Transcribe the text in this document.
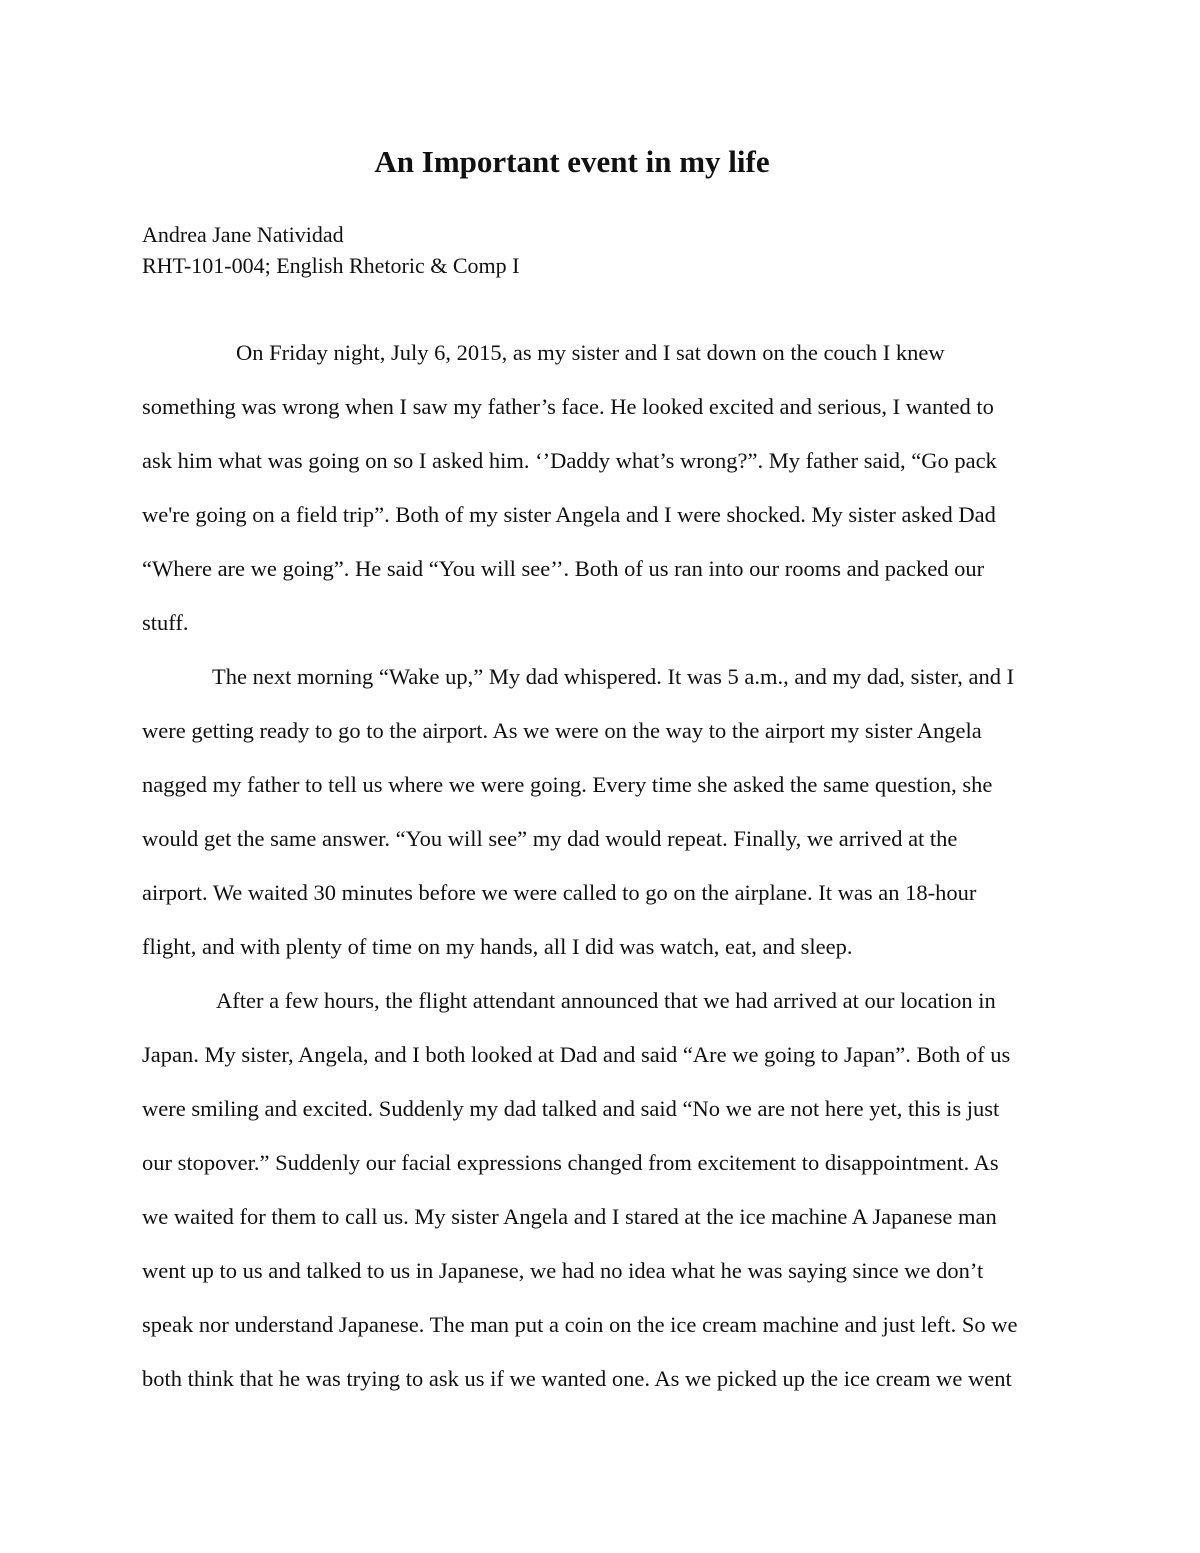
An Important event in my life

Andrea Jane Natividad

RHT-101-004; English Rhetoric & Comp I

On Friday night, July 6, 2015, as my sister and I sat down on the couch I knew

something was wrong when I saw my father’s face. He looked excited and serious, I wanted to

ask him what was going on so I asked him. ‘’Daddy what’s wrong?”. My father said, “Go pack

we're going on a field trip”. Both of my sister Angela and I were shocked. My sister asked Dad

“Where are we going”. He said “You will see’’. Both of us ran into our rooms and packed our

stuff.

The next morning “Wake up,” My dad whispered. It was 5 a.m., and my dad, sister, and I

were getting ready to go to the airport. As we were on the way to the airport my sister Angela

nagged my father to tell us where we were going. Every time she asked the same question, she

would get the same answer. “You will see” my dad would repeat. Finally, we arrived at the

airport. We waited 30 minutes before we were called to go on the airplane. It was an 18-hour

flight, and with plenty of time on my hands, all I did was watch, eat, and sleep.

After a few hours, the flight attendant announced that we had arrived at our location in

Japan. My sister, Angela, and I both looked at Dad and said “Are we going to Japan”. Both of us

were smiling and excited. Suddenly my dad talked and said “No we are not here yet, this is just

our stopover.” Suddenly our facial expressions changed from excitement to disappointment. As

we waited for them to call us. My sister Angela and I stared at the ice machine A Japanese man

went up to us and talked to us in Japanese, we had no idea what he was saying since we don’t

speak nor understand Japanese. The man put a coin on the ice cream machine and just left. So we

both think that he was trying to ask us if we wanted one. As we picked up the ice cream we went
